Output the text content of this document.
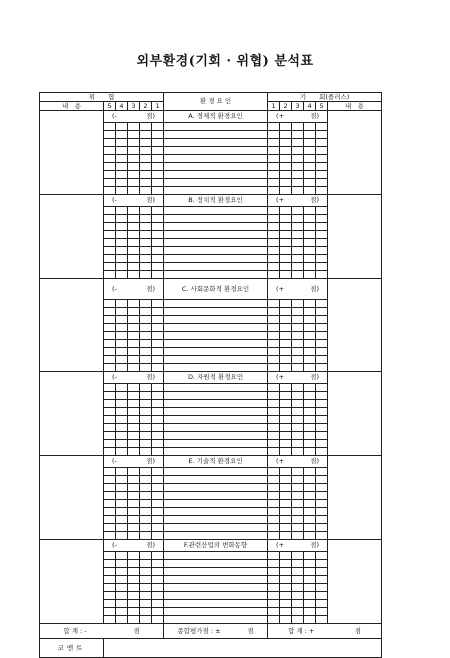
외부환경(기회 · 위협) 분석표
위　　협						환 경 요 인	기　　회(플러스)					
내　용	5	4	3	2	1		1	2	3	4	5	내　용

	(- 점)					A. 경제적 환경요인	(+ 점)					

	(- 점)					B. 정치적 환경요인	(+ 점)					

	(- 점)					C. 사회문화적 환경요인	(+ 점)					

	(- 점)					D. 자원적 환경요인	(+ 점)					

	(- 점)					E. 기술적 환경요인	(+ 점)					

	(- 점)					F.관련산업의 변화동향	(+ 점)					

합 계 : - 점						종합평가점 : ± 점	합 계 : + 점					

코멘트												
